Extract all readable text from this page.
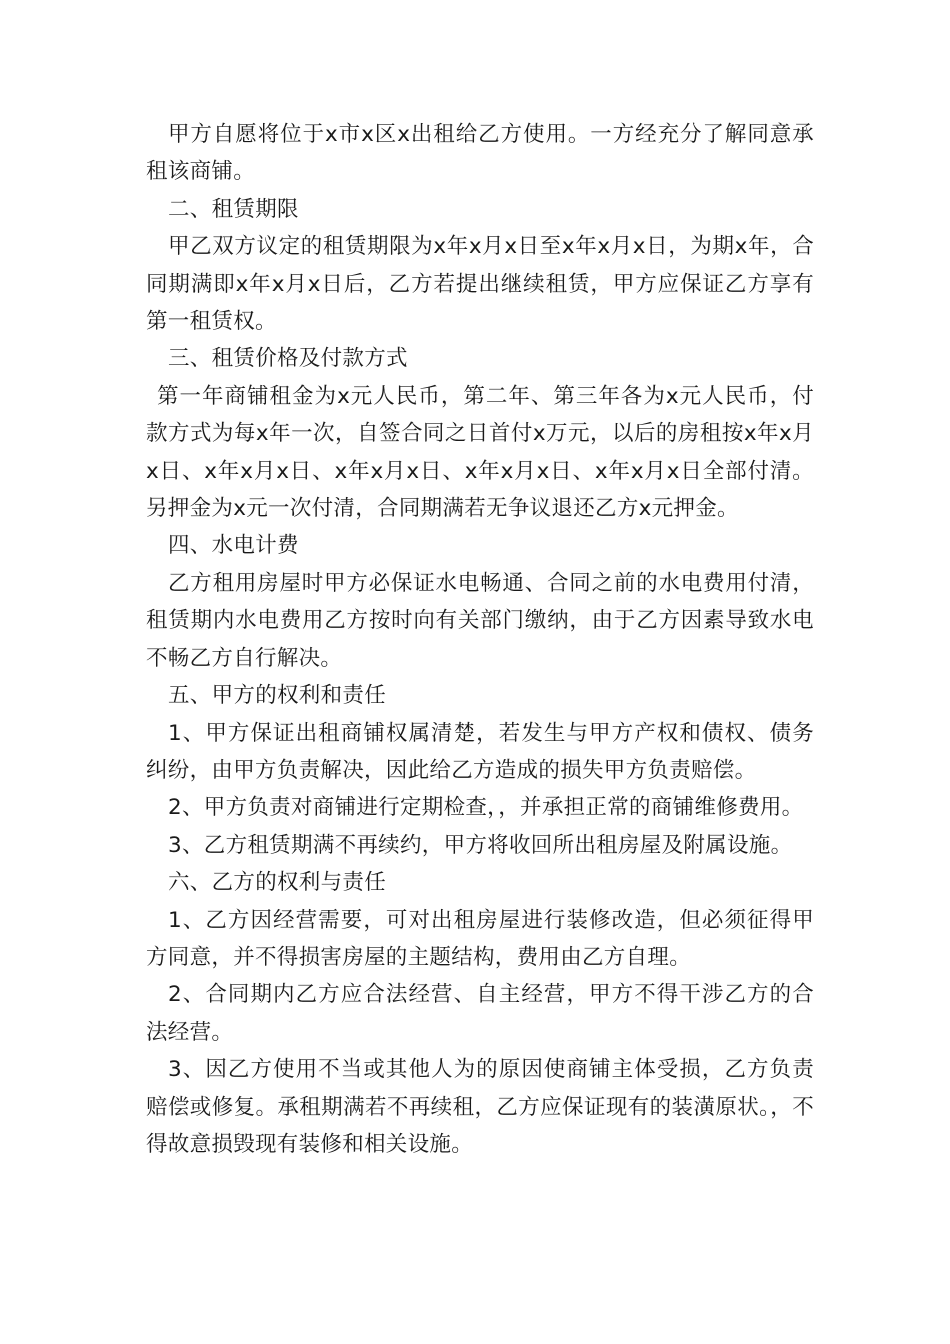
甲方自愿将位于x市x区x出租给乙方使用。一方经充分了解同意承租该商铺。

二、租赁期限

甲乙双方议定的租赁期限为x年x月x日至x年x月x日，为期x年，合同期满即x年x月x日后，乙方若提出继续租赁，甲方应保证乙方享有第一租赁权。

三、租赁价格及付款方式

第一年商铺租金为x元人民币，第二年、第三年各为x元人民币，付款方式为每x年一次，自签合同之日首付x万元，以后的房租按x年x月x日、x年x月x日、x年x月x日、x年x月x日、x年x月x日全部付清。另押金为x元一次付清，合同期满若无争议退还乙方x元押金。

四、水电计费

乙方租用房屋时甲方必保证水电畅通、合同之前的水电费用付清，租赁期内水电费用乙方按时向有关部门缴纳，由于乙方因素导致水电不畅乙方自行解决。

五、甲方的权利和责任

1、甲方保证出租商铺权属清楚，若发生与甲方产权和债权、债务纠纷，由甲方负责解决，因此给乙方造成的损失甲方负责赔偿。

2、甲方负责对商铺进行定期检查，，并承担正常的商铺维修费用。

3、乙方租赁期满不再续约，甲方将收回所出租房屋及附属设施。

六、乙方的权利与责任

1、乙方因经营需要，可对出租房屋进行装修改造，但必须征得甲方同意，并不得损害房屋的主题结构，费用由乙方自理。

2、合同期内乙方应合法经营、自主经营，甲方不得干涉乙方的合法经营。

3、因乙方使用不当或其他人为的原因使商铺主体受损，乙方负责赔偿或修复。承租期满若不再续租，乙方应保证现有的装潢原状。，不得故意损毁现有装修和相关设施。
